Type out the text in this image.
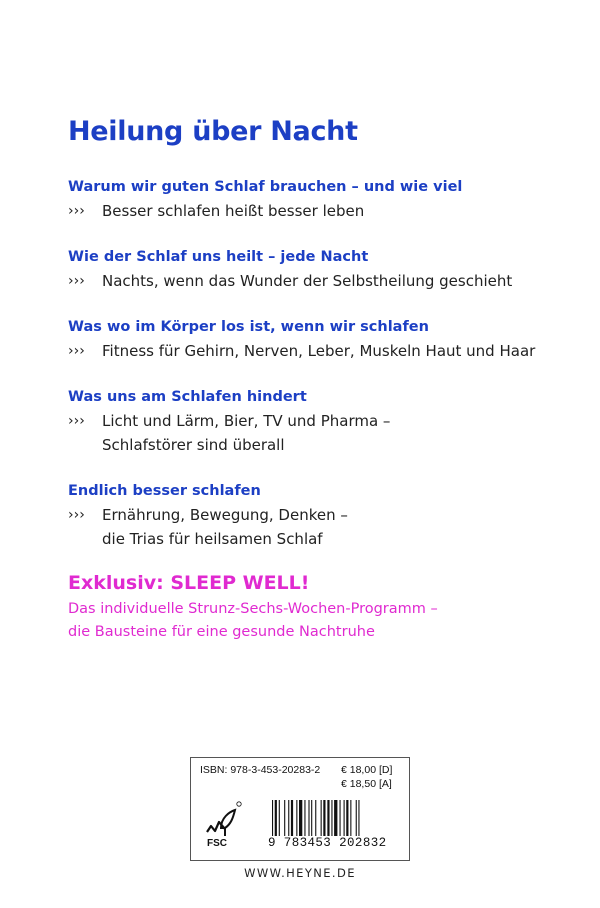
Heilung über Nacht
Warum wir guten Schlaf brauchen – und wie viel
››› Besser schlafen heißt besser leben
Wie der Schlaf uns heilt – jede Nacht
››› Nachts, wenn das Wunder der Selbstheilung geschieht
Was wo im Körper los ist, wenn wir schlafen
››› Fitness für Gehirn, Nerven, Leber, Muskeln Haut und Haar
Was uns am Schlafen hindert
››› Licht und Lärm, Bier, TV und Pharma –
Schlafstörer sind überall
Endlich besser schlafen
››› Ernährung, Bewegung, Denken –
die Trias für heilsamen Schlaf
Exklusiv: SLEEP WELL!
Das individuelle Strunz-Sechs-Wochen-Programm –
die Bausteine für eine gesunde Nachtruhe
ISBN: 978-3-453-20283-2 € 18,00 [D]
€ 18,50 [A]
FSC	9 783453 202832
WWW.HEYNE.DE
